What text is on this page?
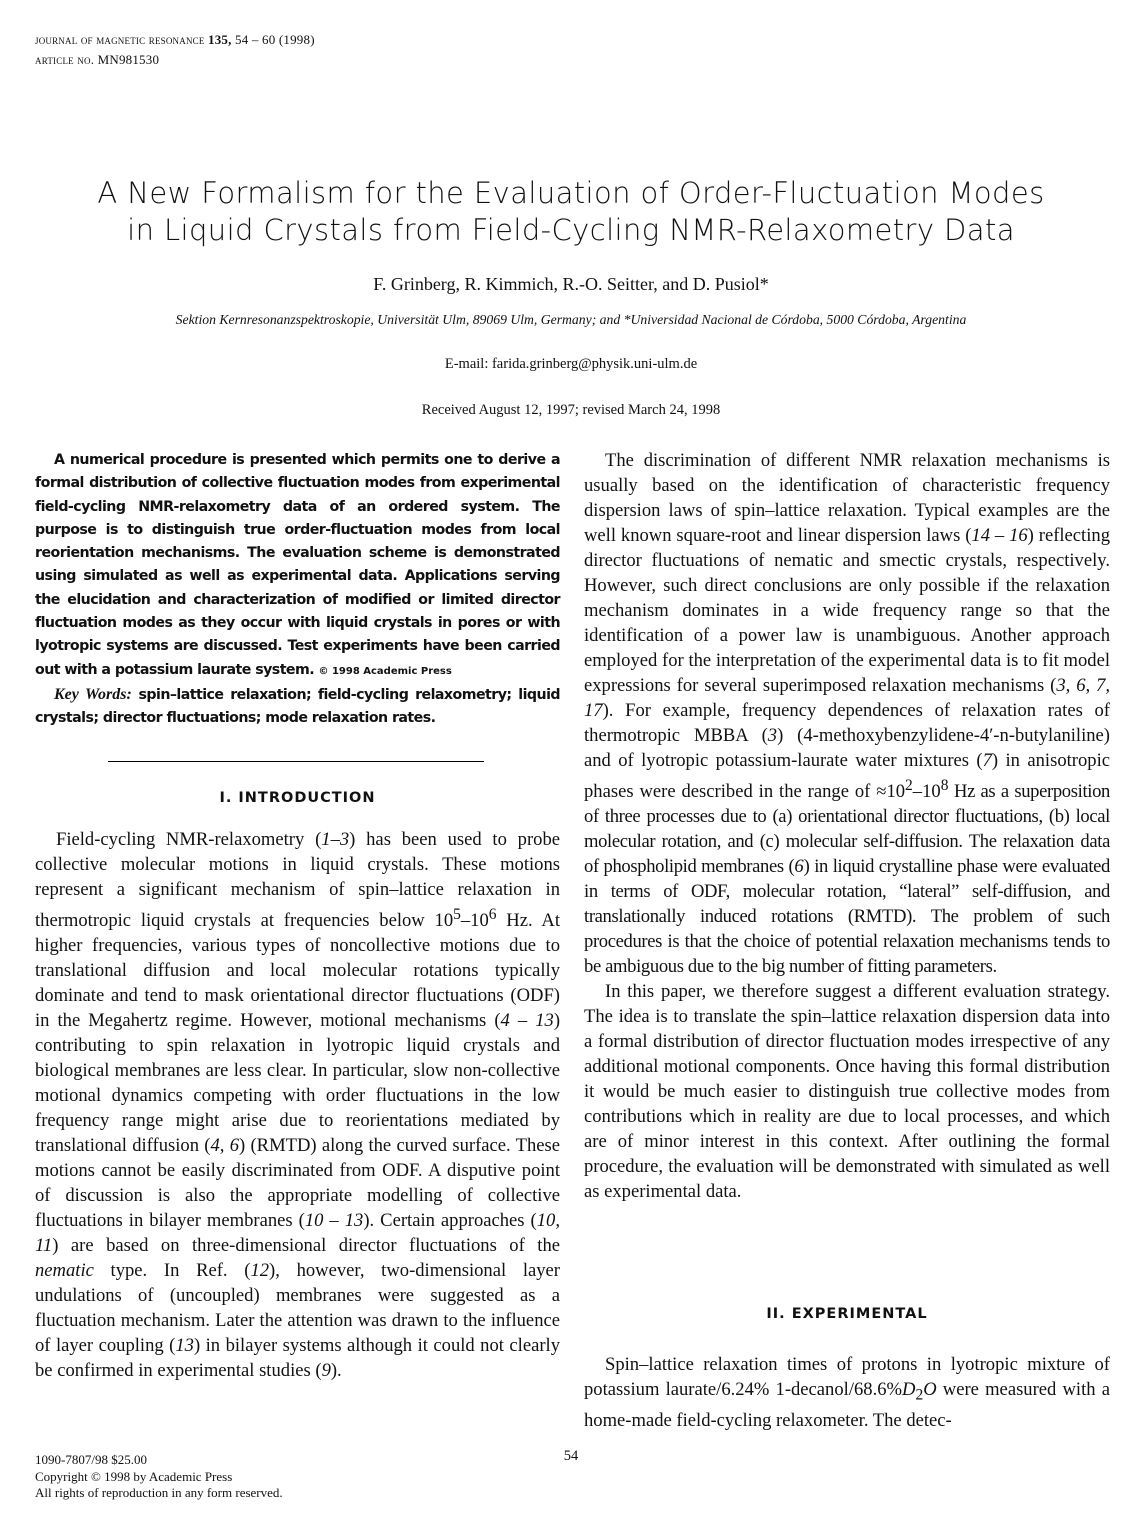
journal of magnetic resonance 135, 54 – 60 (1998)
article no. MN981530
A New Formalism for the Evaluation of Order-Fluctuation Modes
in Liquid Crystals from Field-Cycling NMR-Relaxometry Data
F. Grinberg, R. Kimmich, R.-O. Seitter, and D. Pusiol*
Sektion Kernresonanzspektroskopie, Universität Ulm, 89069 Ulm, Germany; and *Universidad Nacional de Córdoba, 5000 Córdoba, Argentina
E-mail: farida.grinberg@physik.uni-ulm.de
Received August 12, 1997; revised March 24, 1998

A numerical procedure is presented which permits one to derive a formal distribution of collective fluctuation modes from experimental field-cycling NMR-relaxometry data of an ordered system. The purpose is to distinguish true order-fluctuation modes from local reorientation mechanisms. The evaluation scheme is demonstrated using simulated as well as experimental data. Applications serving the elucidation and characterization of modified or limited director fluctuation modes as they occur with liquid crystals in pores or with lyotropic systems are discussed. Test experiments have been carried out with a potassium laurate system. © 1998 Academic Press

Key Words: spin–lattice relaxation; field-cycling relaxometry; liquid crystals; director fluctuations; mode relaxation rates.

I. INTRODUCTION

Field-cycling NMR-relaxometry (1–3) has been used to probe collective molecular motions in liquid crystals. These motions represent a significant mechanism of spin–lattice relaxation in thermotropic liquid crystals at frequencies below $10^5-10^6$ Hz. At higher frequencies, various types of noncollective motions due to translational diffusion and local molecular rotations typically dominate and tend to mask orientational director fluctuations (ODF) in the Megahertz regime. However, motional mechanisms (4 – 13) contributing to spin relaxation in lyotropic liquid crystals and biological membranes are less clear. In particular, slow non-collective motional dynamics competing with order fluctuations in the low frequency range might arise due to reorientations mediated by translational diffusion (4, 6) (RMTD) along the curved surface. These motions cannot be easily discriminated from ODF. A disputive point of discussion is also the appropriate modelling of collective fluctuations in bilayer membranes (10 – 13). Certain approaches (10, 11) are based on three-dimensional director fluctuations of the nematic type. In Ref. (12), however, two-dimensional layer undulations of (uncoupled) membranes were suggested as a fluctuation mechanism. Later the attention was drawn to the influence of layer coupling (13) in bilayer systems although it could not clearly be confirmed in experimental studies (9).

The discrimination of different NMR relaxation mechanisms is usually based on the identification of characteristic frequency dispersion laws of spin–lattice relaxation. Typical examples are the well known square-root and linear dispersion laws (14 – 16) reflecting director fluctuations of nematic and smectic crystals, respectively. However, such direct conclusions are only possible if the relaxation mechanism dominates in a wide frequency range so that the identification of a power law is unambiguous. Another approach employed for the interpretation of the experimental data is to fit model expressions for several superimposed relaxation mechanisms (3, 6, 7, 17). For example, frequency dependences of relaxation rates of thermotropic MBBA (3) (4-methoxybenzylidene-4′-n-butylaniline) and of lyotropic potassium-laurate water mixtures (7) in anisotropic phases were described in the range of $\approx 10^2-10^8$ Hz as a superposition of three processes due to (a) orientational director fluctuations, (b) local molecular rotation, and (c) molecular self-diffusion. The relaxation data of phospholipid membranes (6) in liquid crystalline phase were evaluated in terms of ODF, molecular rotation, “lateral” self-diffusion, and translationally induced rotations (RMTD). The problem of such procedures is that the choice of potential relaxation mechanisms tends to be ambiguous due to the big number of fitting parameters.

In this paper, we therefore suggest a different evaluation strategy. The idea is to translate the spin–lattice relaxation dispersion data into a formal distribution of director fluctuation modes irrespective of any additional motional components. Once having this formal distribution it would be much easier to distinguish true collective modes from contributions which in reality are due to local processes, and which are of minor interest in this context. After outlining the formal procedure, the evaluation will be demonstrated with simulated as well as experimental data.

II. EXPERIMENTAL

Spin–lattice relaxation times of protons in lyotropic mixture of potassium laurate/6.24% $1-decanol/68.6\%D_2O$ were measured with a home-made field-cycling relaxometer. The detec-

1090-7807/98 $25.00
Copyright © 1998 by Academic Press
All rights of reproduction in any form reserved.
54
